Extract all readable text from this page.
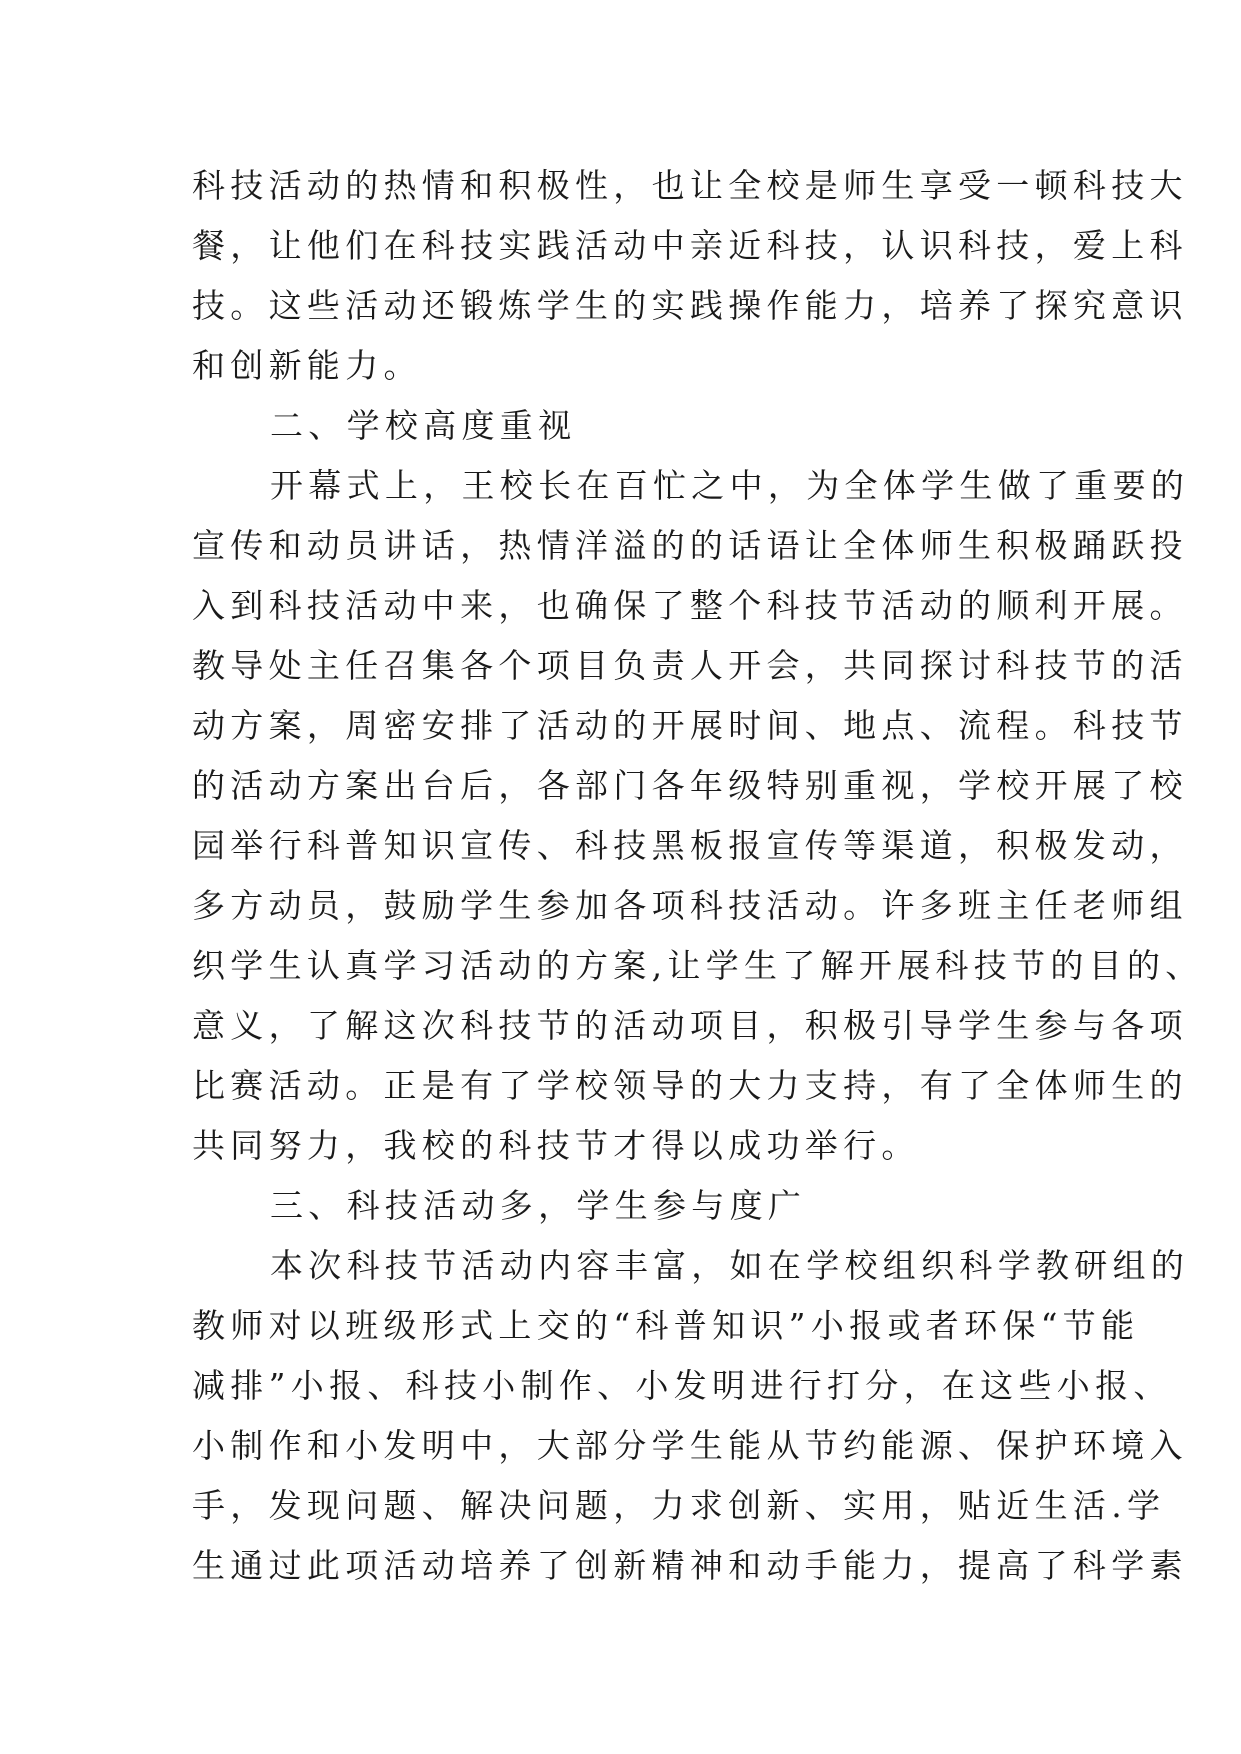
科技活动的热情和积极性，也让全校是师生享受一顿科技大
餐，让他们在科技实践活动中亲近科技，认识科技，爱上科
技。这些活动还锻炼学生的实践操作能力，培养了探究意识
和创新能力。
二、学校高度重视
开幕式上，王校长在百忙之中，为全体学生做了重要的
宣传和动员讲话，热情洋溢的的话语让全体师生积极踊跃投
入到科技活动中来，也确保了整个科技节活动的顺利开展。
教导处主任召集各个项目负责人开会，共同探讨科技节的活
动方案，周密安排了活动的开展时间、地点、流程。科技节
的活动方案出台后，各部门各年级特别重视，学校开展了校
园举行科普知识宣传、科技黑板报宣传等渠道，积极发动，
多方动员，鼓励学生参加各项科技活动。许多班主任老师组
织学生认真学习活动的方案,让学生了解开展科技节的目的、
意义，了解这次科技节的活动项目，积极引导学生参与各项
比赛活动。正是有了学校领导的大力支持，有了全体师生的
共同努力，我校的科技节才得以成功举行。
三、科技活动多，学生参与度广
本次科技节活动内容丰富，如在学校组织科学教研组的
教师对以班级形式上交的“科普知识”小报或者环保“节能
减排”小报、科技小制作、小发明进行打分，在这些小报、
小制作和小发明中，大部分学生能从节约能源、保护环境入
手，发现问题、解决问题，力求创新、实用，贴近生活.学
生通过此项活动培养了创新精神和动手能力，提高了科学素
